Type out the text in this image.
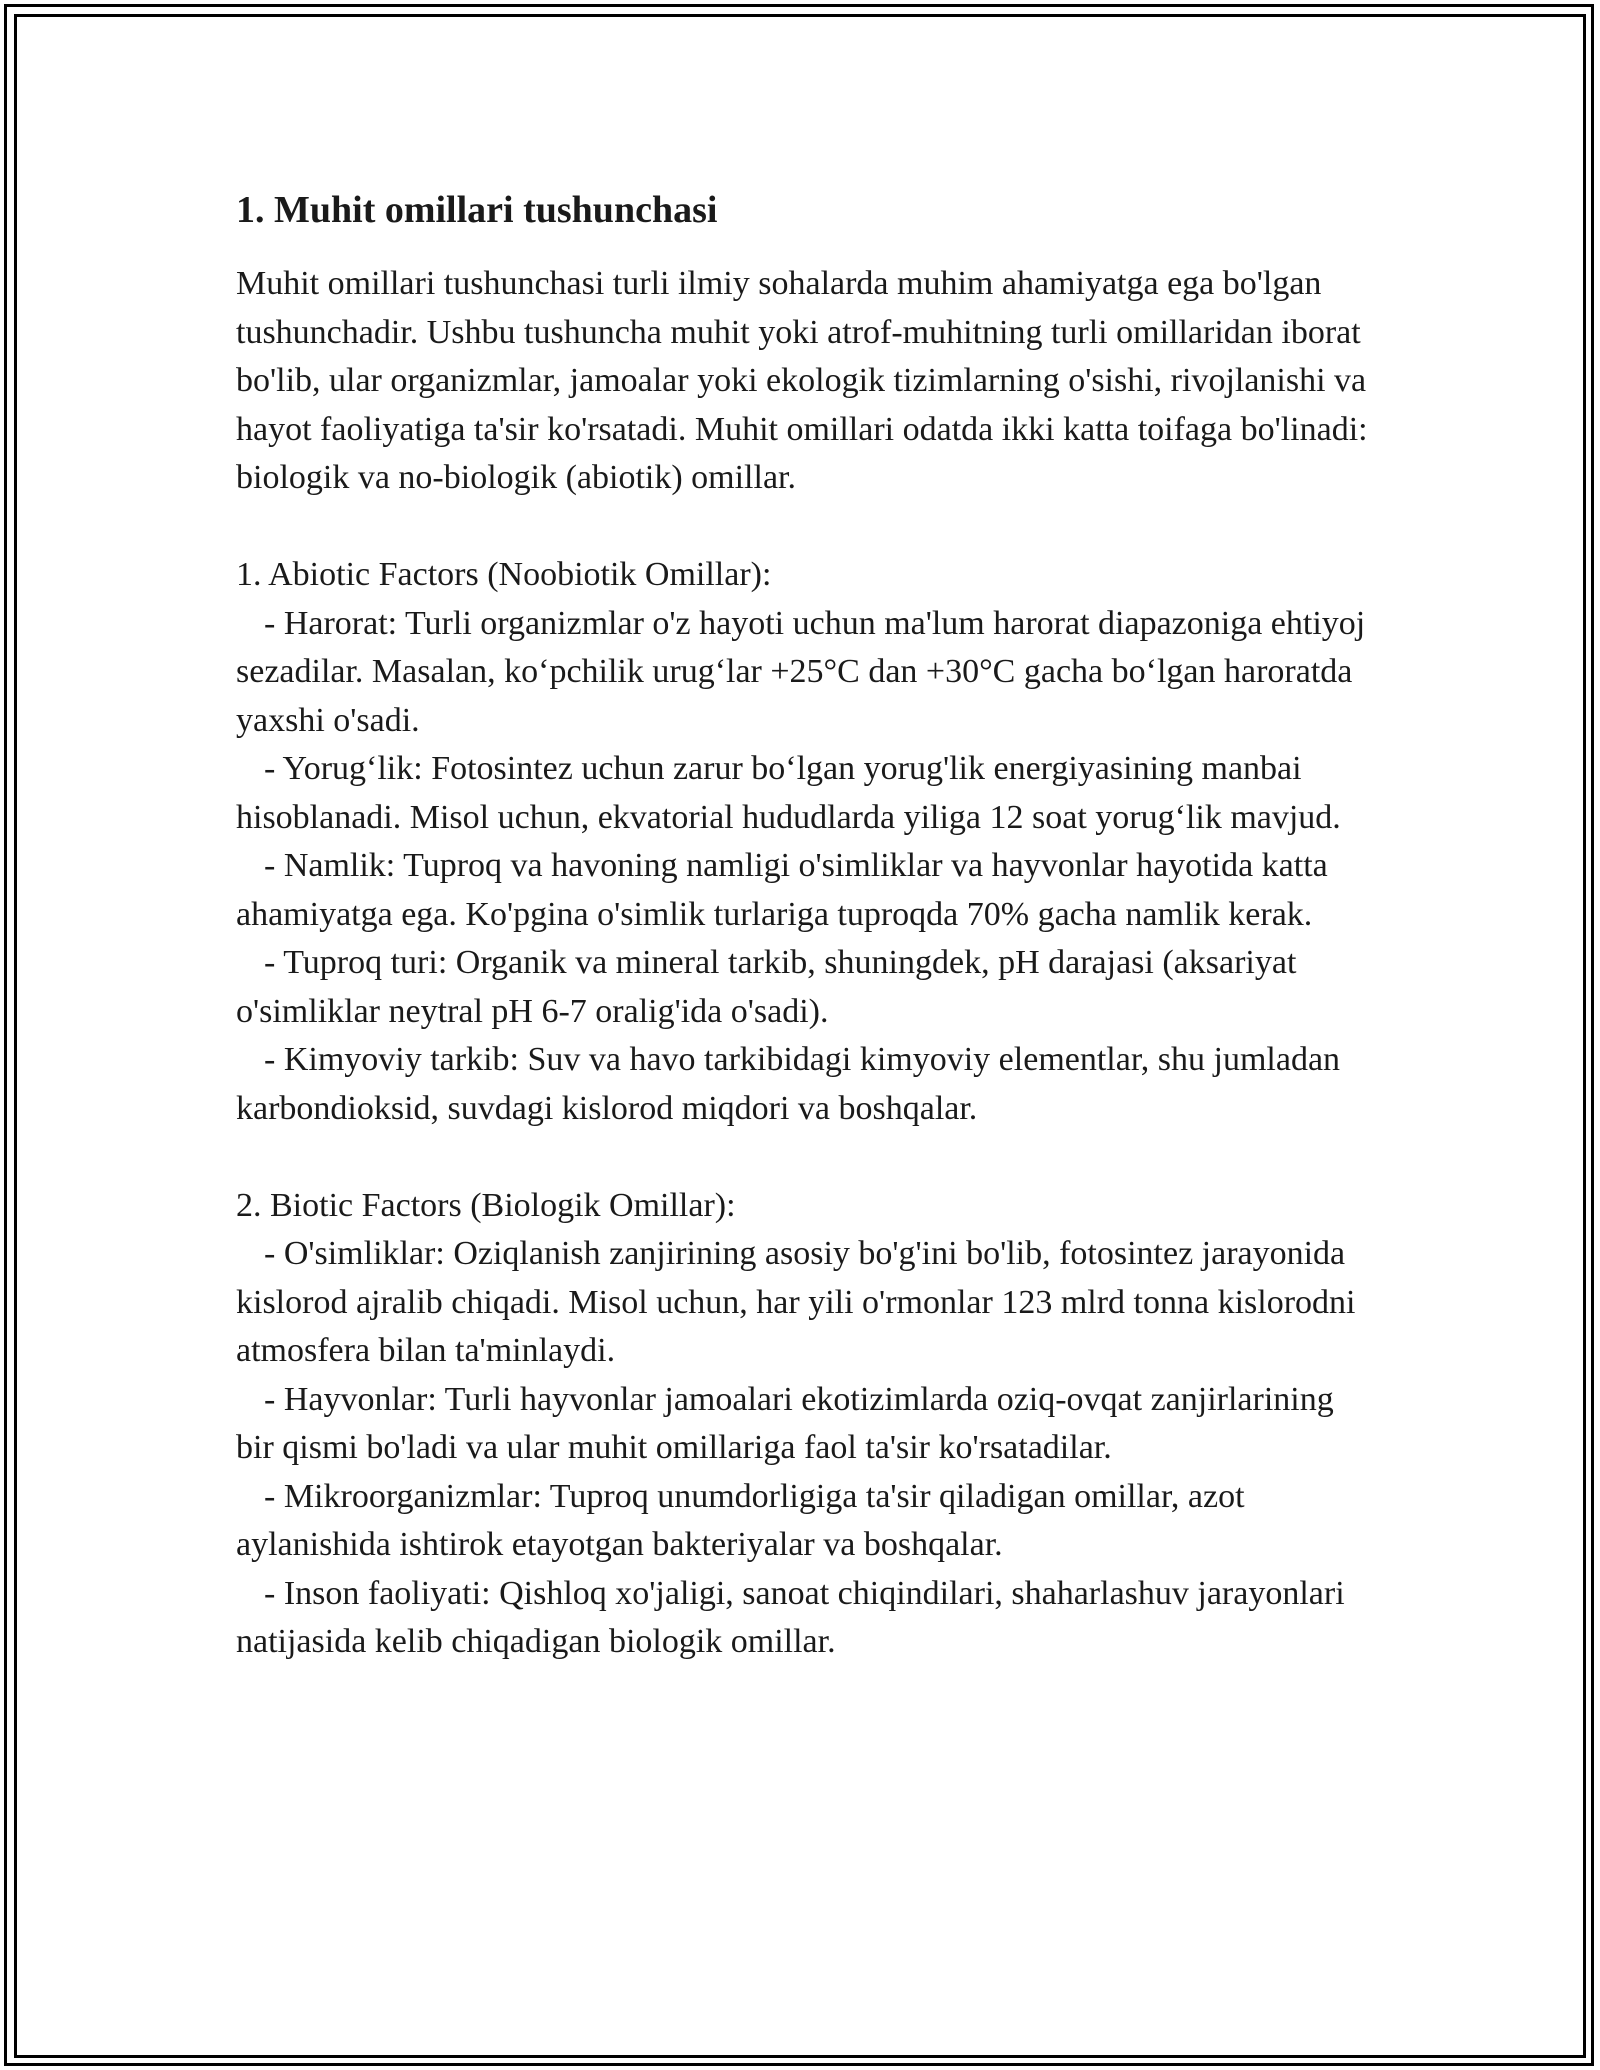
1. Muhit omillari tushunchasi

Muhit omillari tushunchasi turli ilmiy sohalarda muhim ahamiyatga ega bo'lgan tushunchadir. Ushbu tushuncha muhit yoki atrof-muhitning turli omillaridan iborat bo'lib, ular organizmlar, jamoalar yoki ekologik tizimlarning o'sishi, rivojlanishi va hayot faoliyatiga ta'sir ko'rsatadi. Muhit omillari odatda ikki katta toifaga bo'linadi: biologik va no-biologik (abiotik) omillar.

1. Abiotic Factors (Noobiotik Omillar):

- Harorat: Turli organizmlar o'z hayoti uchun ma'lum harorat diapazoniga ehtiyoj sezadilar. Masalan, ko‘pchilik urug‘lar +25°C dan +30°C gacha bo‘lgan haroratda yaxshi o'sadi.

- Yorug‘lik: Fotosintez uchun zarur bo‘lgan yorug'lik energiyasining manbai hisoblanadi. Misol uchun, ekvatorial hududlarda yiliga 12 soat yorug‘lik mavjud.

- Namlik: Tuproq va havoning namligi o'simliklar va hayvonlar hayotida katta ahamiyatga ega. Ko'pgina o'simlik turlariga tuproqda 70% gacha namlik kerak.

- Tuproq turi: Organik va mineral tarkib, shuningdek, pH darajasi (aksariyat o'simliklar neytral pH 6-7 oralig'ida o'sadi).

- Kimyoviy tarkib: Suv va havo tarkibidagi kimyoviy elementlar, shu jumladan karbondioksid, suvdagi kislorod miqdori va boshqalar.

2. Biotic Factors (Biologik Omillar):

- O'simliklar: Oziqlanish zanjirining asosiy bo'g'ini bo'lib, fotosintez jarayonida kislorod ajralib chiqadi. Misol uchun, har yili o'rmonlar 123 mlrd tonna kislorodni atmosfera bilan ta'minlaydi.

- Hayvonlar: Turli hayvonlar jamoalari ekotizimlarda oziq-ovqat zanjirlarining bir qismi bo'ladi va ular muhit omillariga faol ta'sir ko'rsatadilar.

- Mikroorganizmlar: Tuproq unumdorligiga ta'sir qiladigan omillar, azot aylanishida ishtirok etayotgan bakteriyalar va boshqalar.

- Inson faoliyati: Qishloq xo'jaligi, sanoat chiqindilari, shaharlashuv jarayonlari natijasida kelib chiqadigan biologik omillar.
